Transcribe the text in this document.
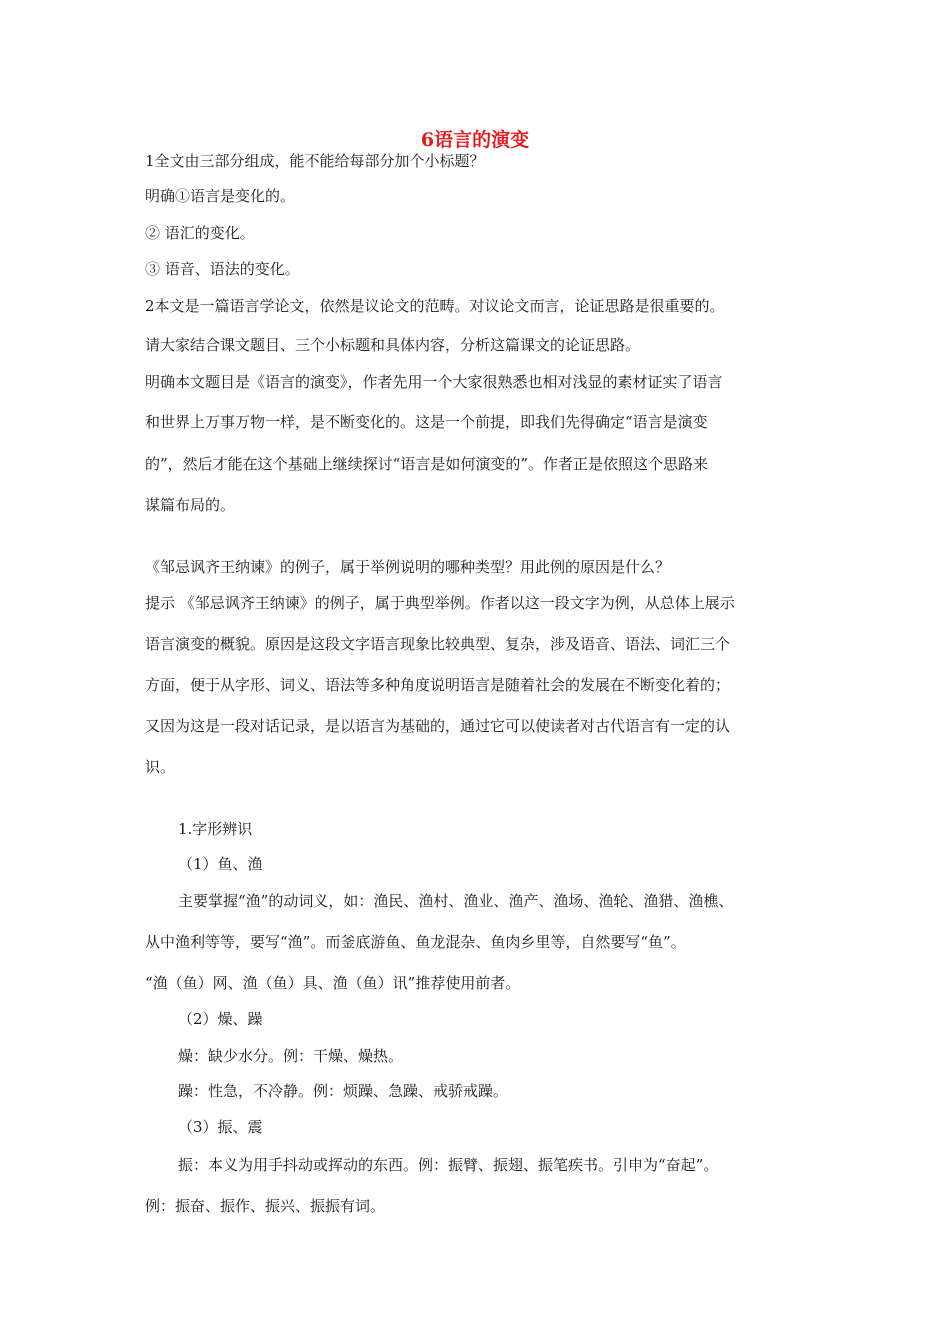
6语言的演变
1全文由三部分组成，能不能给每部分加个小标题？
明确①语言是变化的。
② 语汇的变化。
③ 语音、语法的变化。
2本文是一篇语言学论文，依然是议论文的范畴。对议论文而言，论证思路是很重要的。
请大家结合课文题目、三个小标题和具体内容，分析这篇课文的论证思路。
明确本文题目是《语言的演变》，作者先用一个大家很熟悉也相对浅显的素材证实了语言
和世界上万事万物一样，是不断变化的。这是一个前提，即我们先得确定“语言是演变
的”，然后才能在这个基础上继续探讨“语言是如何演变的”。作者正是依照这个思路来
谋篇布局的。
《邹忌讽齐王纳谏》的例子，属于举例说明的哪种类型？用此例的原因是什么？
提示 《邹忌讽齐王纳谏》的例子，属于典型举例。作者以这一段文字为例，从总体上展示
语言演变的概貌。原因是这段文字语言现象比较典型、复杂，涉及语音、语法、词汇三个
方面，便于从字形、词义、语法等多种角度说明语言是随着社会的发展在不断变化着的；
又因为这是一段对话记录，是以语言为基础的，通过它可以使读者对古代语言有一定的认
识。
1.字形辨识
（1）鱼、渔
主要掌握“渔”的动词义，如：渔民、渔村、渔业、渔产、渔场、渔轮、渔猎、渔樵、
从中渔利等等，要写“渔”。而釜底游鱼、鱼龙混杂、鱼肉乡里等，自然要写“鱼”。
“渔（鱼）网、渔（鱼）具、渔（鱼）讯”推荐使用前者。
（2）燥、躁
燥：缺少水分。例：干燥、燥热。
躁：性急，不冷静。例：烦躁、急躁、戒骄戒躁。
（3）振、震
振：本义为用手抖动或挥动的东西。例：振臂、振翅、振笔疾书。引申为“奋起”。
例：振奋、振作、振兴、振振有词。
